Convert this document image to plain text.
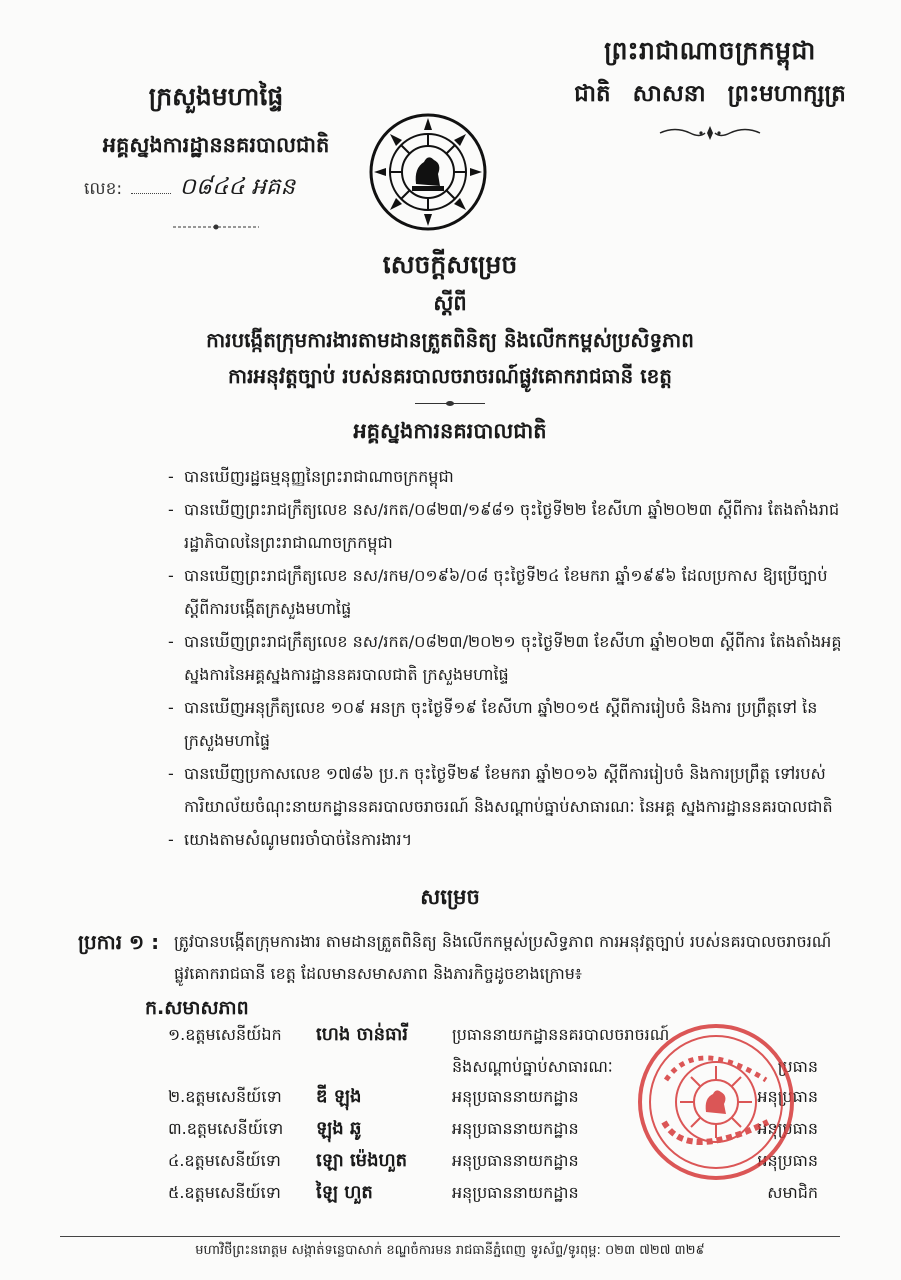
ព្រះរាជាណាចក្រកម្ពុជា
ជាតិ សាសនា ព្រះមហាក្សត្រ
ក្រសួងមហាផ្ទៃ
អគ្គស្នងការដ្ឋាននគរបាលជាតិ
លេខ: ០៨៤៤ អគន
សេចក្ដីសម្រេច
ស្ដីពី
ការបង្កើតក្រុមការងារតាមដានត្រួតពិនិត្យ និងលើកកម្ពស់ប្រសិទ្ធភាព
ការអនុវត្តច្បាប់ របស់នគរបាលចរាចរណ៍ផ្លូវគោករាជធានី ខេត្ត
អគ្គស្នងការនគរបាលជាតិ
- បានឃើញរដ្ឋធម្មនុញ្ញនៃព្រះរាជាណាចក្រកម្ពុជា
- បានឃើញព្រះរាជក្រឹត្យលេខ នស/រកត/០៨២៣/១៩៨១ ចុះថ្ងៃទី២២ ខែសីហា ឆ្នាំ២០២៣ ស្ដីពីការ តែងតាំងរាជរដ្ឋាភិបាលនៃព្រះរាជាណាចក្រកម្ពុជា
- បានឃើញព្រះរាជក្រឹត្យលេខ នស/រកម/០១៩៦/០៨ ចុះថ្ងៃទី២៤ ខែមករា ឆ្នាំ១៩៩៦ ដែលប្រកាស ឱ្យប្រើច្បាប់ស្ដីពីការបង្កើតក្រសួងមហាផ្ទៃ
- បានឃើញព្រះរាជក្រឹត្យលេខ នស/រកត/០៨២៣/២០២១ ចុះថ្ងៃទី២៣ ខែសីហា ឆ្នាំ២០២៣ ស្ដីពីការ តែងតាំងអគ្គស្នងការនៃអគ្គស្នងការដ្ឋាននគរបាលជាតិ ក្រសួងមហាផ្ទៃ
- បានឃើញអនុក្រឹត្យលេខ ១០៩ អនក្រ ចុះថ្ងៃទី១៩ ខែសីហា ឆ្នាំ២០១៥ ស្ដីពីការរៀបចំ និងការ ប្រព្រឹត្តទៅ នៃក្រសួងមហាផ្ទៃ
- បានឃើញប្រកាសលេខ ១៧៨៦ ប្រ.ក ចុះថ្ងៃទី២៩ ខែមករា ឆ្នាំ២០១៦ ស្ដីពីការរៀបចំ និងការប្រព្រឹត្ត ទៅរបស់ការិយាល័យចំណុះនាយកដ្ឋាននគរបាលចរាចរណ៍ និងសណ្ដាប់ធ្នាប់សាធារណៈ នៃអគ្គ ស្នងការដ្ឋាននគរបាលជាតិ
- យោងតាមសំណូមពរចាំបាច់នៃការងារ។
សម្រេច
ប្រការ ១ : ត្រូវបានបង្កើតក្រុមការងារ តាមដានត្រួតពិនិត្យ និងលើកកម្ពស់ប្រសិទ្ធភាព ការអនុវត្តច្បាប់ របស់នគរបាលចរាចរណ៍ផ្លូវគោករាជធានី ខេត្ត ដែលមានសមាសភាព និងភារកិច្ចដូចខាងក្រោម៖
ក.សមាសភាព
១.ឧត្ដមសេនីយ៍ឯក ហេង ចាន់ធារី	ប្រធាននាយកដ្ឋាននគរបាលចរាចរណ៍
និងសណ្ដាប់ធ្នាប់សាធារណៈ	ប្រធាន
២.ឧត្ដមសេនីយ៍ទោ ឌី ឡុង	អនុប្រធាននាយកដ្ឋាន	អនុប្រធាន
៣.ឧត្ដមសេនីយ៍ទោ ឡុង ឆូ	អនុប្រធាននាយកដ្ឋាន	អនុប្រធាន
៤.ឧត្ដមសេនីយ៍ទោ ឡោ ម៉េងហួត	អនុប្រធាននាយកដ្ឋាន	អនុប្រធាន
៥.ឧត្ដមសេនីយ៍ទោ ឡៃ ហួត	អនុប្រធាននាយកដ្ឋាន	សមាជិក
មហាវិថីព្រះនរោត្តម សង្កាត់ទន្លេបាសាក់ ខណ្ឌចំការមន រាជធានីភ្នំពេញ ទូរស័ព្ទ/ទូរពុម្ព: ០២៣ ៧២៧ ៣២៩
